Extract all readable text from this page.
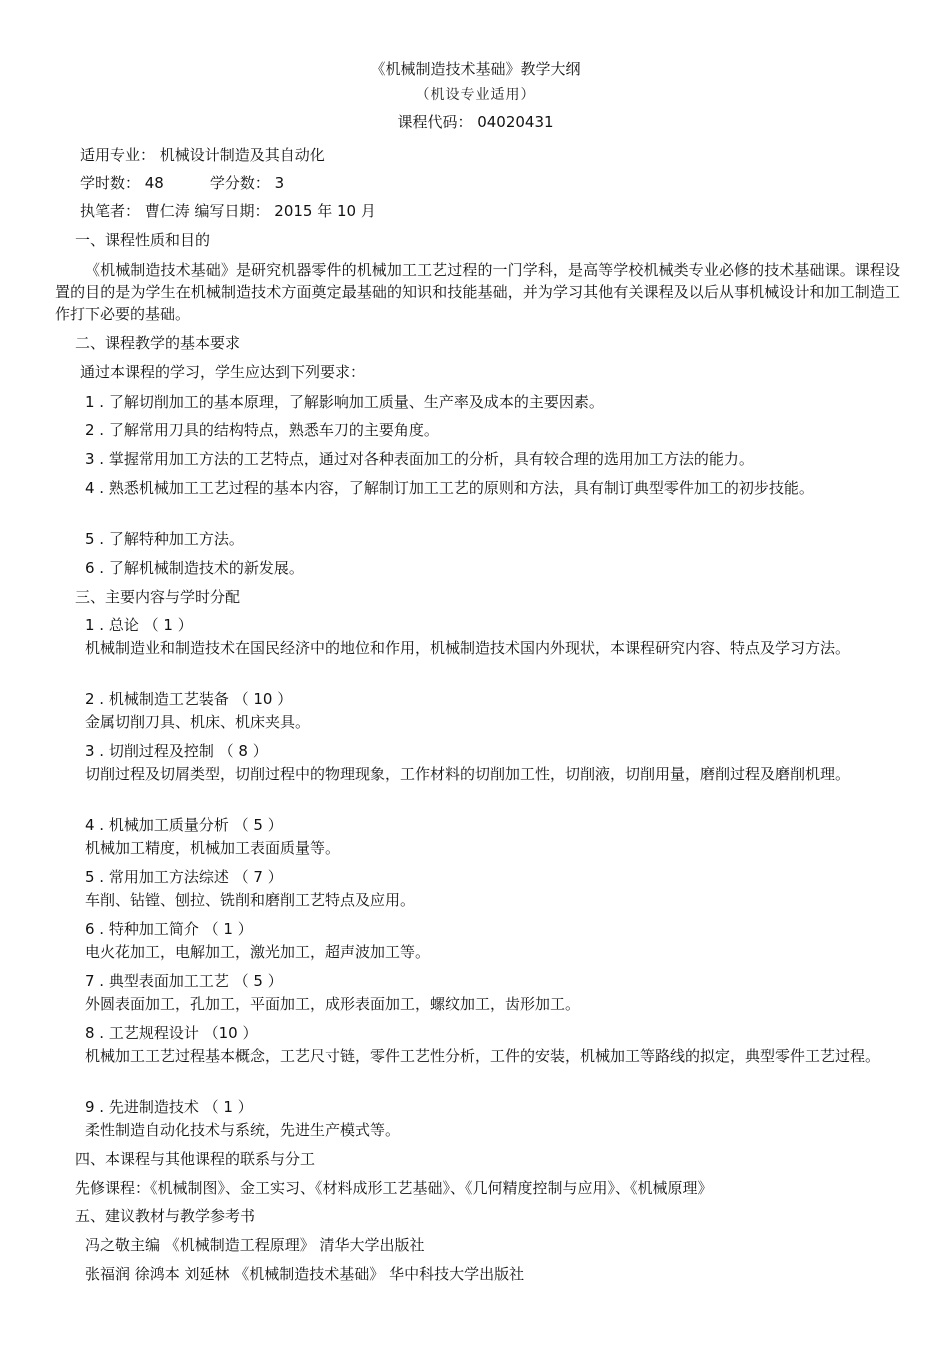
《机械制造技术基础》教学大纲
（机设专业适用）
课程代码： 04020431
适用专业： 机械设计制造及其自动化
学时数： 48	学分数： 3
执笔者： 曹仁涛 编写日期： 2015 年 10 月
一、课程性质和目的
《机械制造技术基础》是研究机器零件的机械加工工艺过程的一门学科，是高等学校机械类专业必修的技术基础课。课程设置的目的是为学生在机械制造技术方面奠定最基础的知识和技能基础，并为学习其他有关课程及以后从事机械设计和加工制造工作打下必要的基础。
二、课程教学的基本要求
通过本课程的学习，学生应达到下列要求：
1 . 了解切削加工的基本原理，了解影响加工质量、生产率及成本的主要因素。
2 . 了解常用刀具的结构特点，熟悉车刀的主要角度。
3 . 掌握常用加工方法的工艺特点，通过对各种表面加工的分析，具有较合理的选用加工方法的能力。
4 . 熟悉机械加工工艺过程的基本内容，了解制订加工工艺的原则和方法，具有制订典型零件加工的初步技能。
5 . 了解特种加工方法。
6 . 了解机械制造技术的新发展。
三、主要内容与学时分配
1 . 总论 （ 1 ）
机械制造业和制造技术在国民经济中的地位和作用，机械制造技术国内外现状，本课程研究内容、特点及学习方法。
2 . 机械制造工艺装备 （ 10 ）
金属切削刀具、机床、机床夹具。
3 . 切削过程及控制 （ 8 ）
切削过程及切屑类型，切削过程中的物理现象，工作材料的切削加工性，切削液，切削用量，磨削过程及磨削机理。
4 . 机械加工质量分析 （ 5 ）
机械加工精度，机械加工表面质量等。
5 . 常用加工方法综述 （ 7 ）
车削、钻镗、刨拉、铣削和磨削工艺特点及应用。
6 . 特种加工简介 （ 1 ）
电火花加工，电解加工，激光加工，超声波加工等。
7 . 典型表面加工工艺 （ 5 ）
外圆表面加工，孔加工，平面加工，成形表面加工，螺纹加工，齿形加工。
8 . 工艺规程设计 （10 ）
机械加工工艺过程基本概念，工艺尺寸链，零件工艺性分析，工件的安装，机械加工等路线的拟定，典型零件工艺过程。
9 . 先进制造技术 （ 1 ）
柔性制造自动化技术与系统，先进生产模式等。
四、本课程与其他课程的联系与分工
先修课程：《机械制图》、金工实习、《材料成形工艺基础》、《几何精度控制与应用》、《机械原理》
五、建议教材与教学参考书
冯之敬主编 《机械制造工程原理》 清华大学出版社
张福润 徐鸿本 刘延林 《机械制造技术基础》 华中科技大学出版社
